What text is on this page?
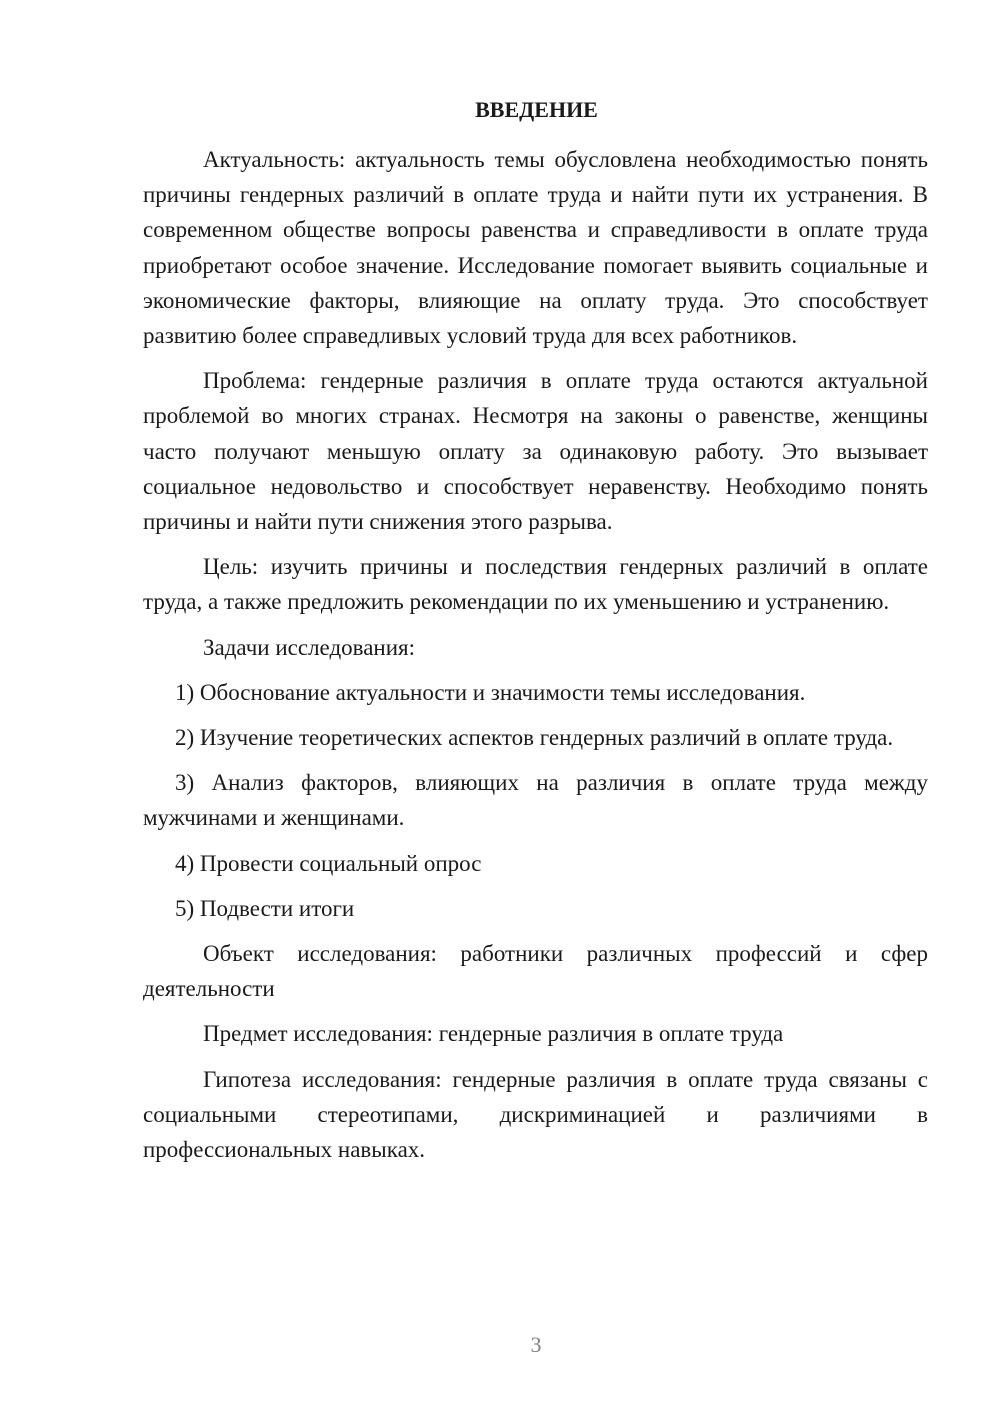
ВВЕДЕНИЕ

Актуальность: актуальность темы обусловлена необходимостью понять причины гендерных различий в оплате труда и найти пути их устранения. В современном обществе вопросы равенства и справедливости в оплате труда приобретают особое значение. Исследование помогает выявить социальные и экономические факторы, влияющие на оплату труда. Это способствует развитию более справедливых условий труда для всех работников.

Проблема: гендерные различия в оплате труда остаются актуальной проблемой во многих странах. Несмотря на законы о равенстве, женщины часто получают меньшую оплату за одинаковую работу. Это вызывает социальное недовольство и способствует неравенству. Необходимо понять причины и найти пути снижения этого разрыва.

Цель: изучить причины и последствия гендерных различий в оплате труда, а также предложить рекомендации по их уменьшению и устранению.

Задачи исследования:

1) Обоснование актуальности и значимости темы исследования.

2) Изучение теоретических аспектов гендерных различий в оплате труда.

3) Анализ факторов, влияющих на различия в оплате труда между мужчинами и женщинами.

4) Провести социальный опрос

5) Подвести итоги

Объект исследования: работники различных профессий и сфер деятельности

Предмет исследования: гендерные различия в оплате труда

Гипотеза исследования: гендерные различия в оплате труда связаны с социальными стереотипами, дискриминацией и различиями в профессиональных навыках.

3
